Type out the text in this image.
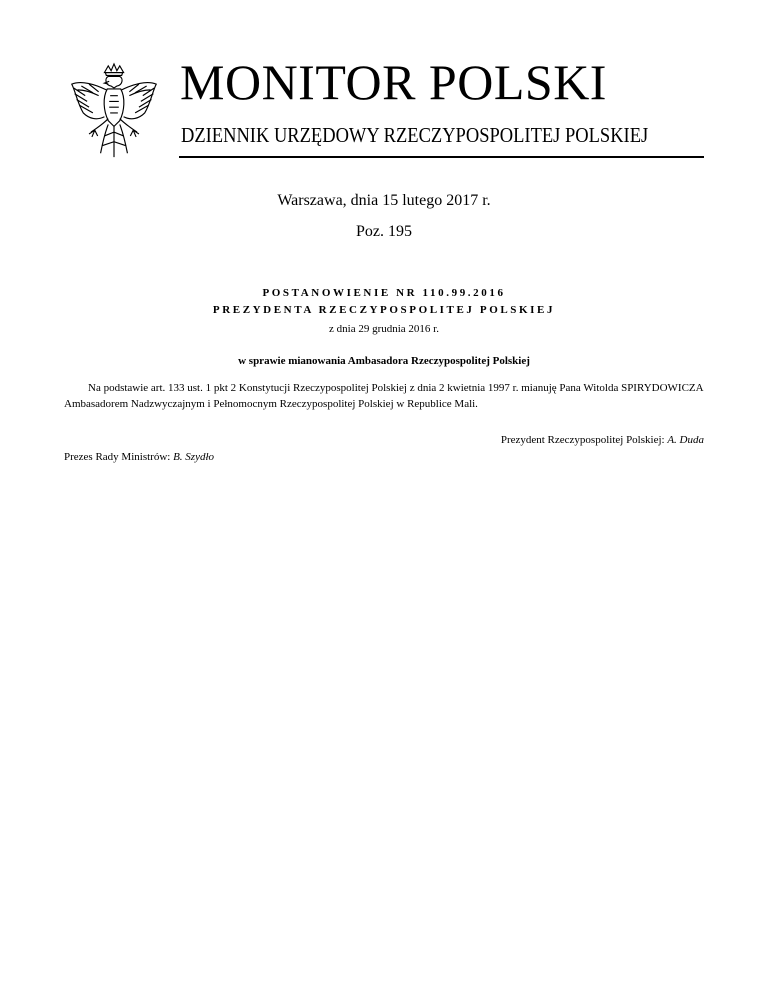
MONITOR POLSKI
DZIENNIK URZĘDOWY RZECZYPOSPOLITEJ POLSKIEJ
Warszawa, dnia 15 lutego 2017 r.
Poz. 195
POSTANOWIENIE NR 110.99.2016
PREZYDENTA RZECZYPOSPOLITEJ POLSKIEJ
z dnia 29 grudnia 2016 r.
w sprawie mianowania Ambasadora Rzeczypospolitej Polskiej

Na podstawie art. 133 ust. 1 pkt 2 Konstytucji Rzeczypospolitej Polskiej z dnia 2 kwietnia 1997 r. mianuję Pana Witolda SPIRYDOWICZA Ambasadorem Nadzwyczajnym i Pełnomocnym Rzeczypospolitej Polskiej w Republice Mali.

Prezydent Rzeczypospolitej Polskiej: A. Duda
Prezes Rady Ministrów: B. Szydło
